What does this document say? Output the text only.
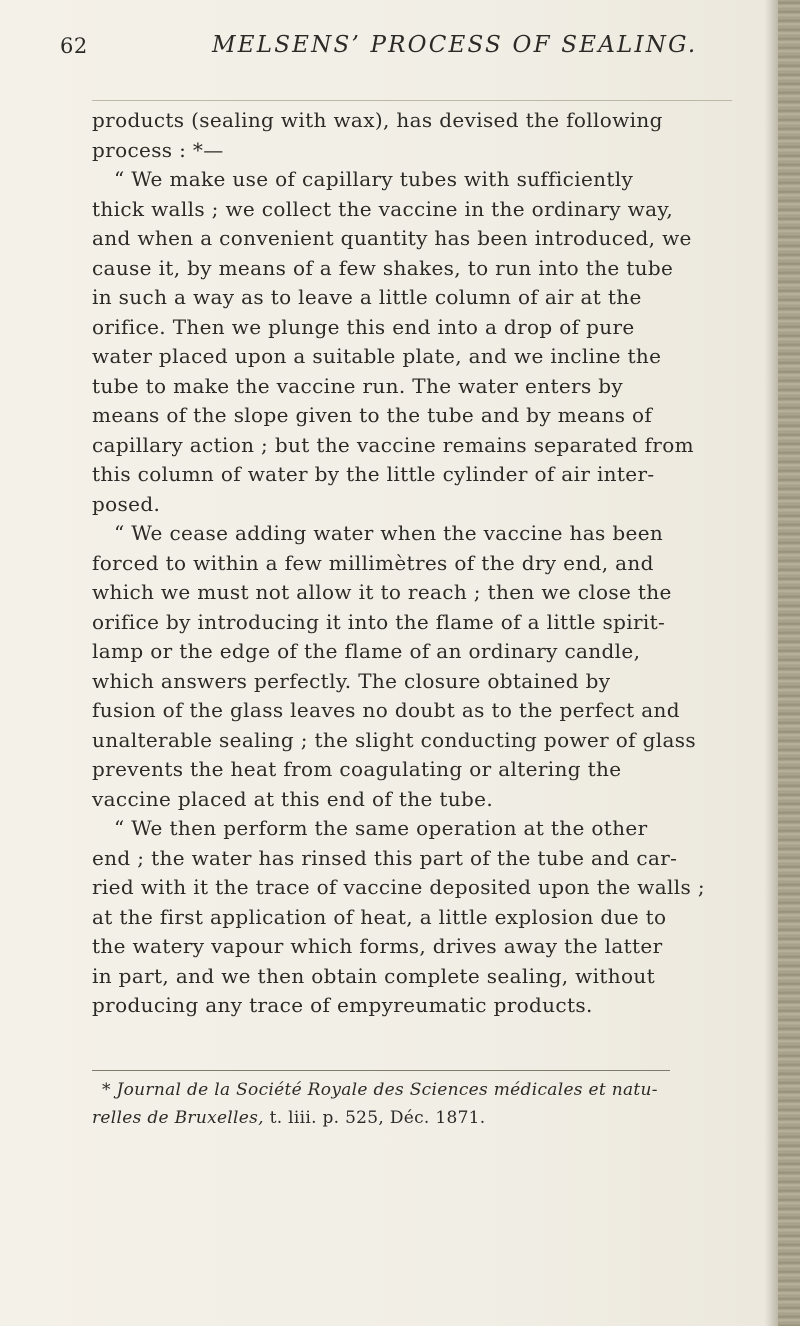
62	MELSENS’ PROCESS OF SEALING.
products (sealing with wax), has devised the following
process : *—
“ We make use of capillary tubes with sufficiently
thick walls ; we collect the vaccine in the ordinary way,
and when a convenient quantity has been introduced, we
cause it, by means of a few shakes, to run into the tube
in such a way as to leave a little column of air at the
orifice. Then we plunge this end into a drop of pure
water placed upon a suitable plate, and we incline the
tube to make the vaccine run. The water enters by
means of the slope given to the tube and by means of
capillary action ; but the vaccine remains separated from
this column of water by the little cylinder of air inter-
posed.
“ We cease adding water when the vaccine has been
forced to within a few millimètres of the dry end, and
which we must not allow it to reach ; then we close the
orifice by introducing it into the flame of a little spirit-
lamp or the edge of the flame of an ordinary candle,
which answers perfectly. The closure obtained by
fusion of the glass leaves no doubt as to the perfect and
unalterable sealing ; the slight conducting power of glass
prevents the heat from coagulating or altering the
vaccine placed at this end of the tube.
“ We then perform the same operation at the other
end ; the water has rinsed this part of the tube and car-
ried with it the trace of vaccine deposited upon the walls ;
at the first application of heat, a little explosion due to
the watery vapour which forms, drives away the latter
in part, and we then obtain complete sealing, without
producing any trace of empyreumatic products.
* Journal de la Société Royale des Sciences médicales et natu-
relles de Bruxelles, t. liii. p. 525, Déc. 1871.
